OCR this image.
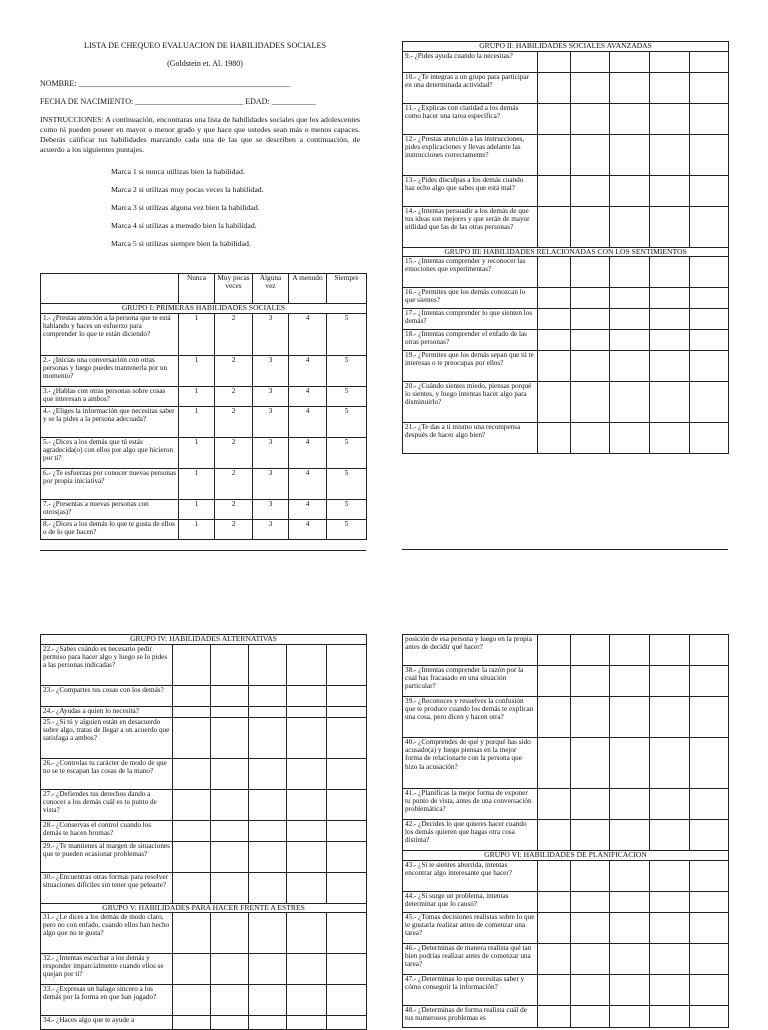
LISTA DE CHEQUEO EVALUACION DE HABILIDADES SOCIALES
(Goldstein et. Al. 1980)
NOMBRE: _____________________________________________________
FECHA DE NACIMIENTO: ___________________________ EDAD: ___________
INSTRUCCIONES: A continuación, encontraras una lista de habilidades sociales que los adolescentes como tú pueden poseer en mayor o menor grado y que hace que ustedes sean más o menos capaces. Deberás calificar tus habilidades marcando cada una de las que se describen a continuación, de acuerdo a los siguientes puntajes.
Marca 1 si nunca utilizas bien la habilidad.
Marca 2 si utilizas muy pocas veces la habilidad.
Marca 3 si utilizas alguna vez bien la habilidad.
Marca 4 si utilizas a menudo bien la habilidad.
Marca 5 si utilizas siempre bien la habilidad.
	Nunca	Muy pocas veces	Alguna vez	A menudo	Siempre
GRUPO I: PRIMERAS HABILIDADES SOCIALES					
1.- ¿Prestas atención a la persona que te está hablando y haces un esfuerzo para comprender lo que te están diciendo?	1	2	3	4	5
2.- ¿Inicias una conversación con otras personas y luego puedes mantenerla por un momento?	1	2	3	4	5
3.- ¿Hablas con otras personas sobre cosas que interesan a ambos?	1	2	3	4	5
4.- ¿Eliges la información que necesitas saber y se la pides a la persona adecuada?	1	2	3	4	5
5.- ¿Dices a los demás que tú estás agradecida(o) con ellos por algo que hicieron por ti?	1	2	3	4	5
6.- ¿Te esfuerzas por conocer nuevas personas por propia iniciativa?	1	2	3	4	5
7.- ¿Presentas a nuevas personas con otros(as)?	1	2	3	4	5
8.- ¿Dices a los demás lo que te gusta de ellos o de lo que hacen?	1	2	3	4	5
GRUPO II: HABILIDADES SOCIALES AVANZADAS					
9.- ¿Pides ayuda cuando la necesitas?					
10.- ¿Te integras a un grupo para participar en una determinada actividad?					
11.- ¿Explicas con claridad a los demás como hacer una tarea específica?					
12.- ¿Prestas atención a las instrucciones, pides explicaciones y llevas adelante las instrucciones correctamente?					
13.- ¿Pides disculpas a los demás cuando haz echo algo que sabes que está mal?					
14.- ¿Intentas persuadir a los demás de que tus ideas son mejores y que serán de mayor utilidad que las de las otras personas?					
GRUPO III: HABILIDADES RELACIONADAS CON LOS SENTIMIENTOS					
15.- ¿Intentas comprender y reconocer las emociones que experimentas?					
16.- ¿Permites que los demás conozcan lo que sientes?					
17.- ¿Intentas comprender lo que sienten los demás?					
18.- ¿Intentas comprender el enfado de las otras personas?					
19.- ¿Permites que los demás sepan que tú te interesas o te preocupas por ellos?					
20.- ¿Cuándo sientes miedo, piensas porqué lo sientes, y luego intentas hacer algo para disminuirlo?					
21.- ¿Te das a ti mismo una recompensa después de hacer algo bien?					
GRUPO IV: HABILIDADES ALTERNATIVAS					
22.- ¿Sabes cuándo es necesario pedir permiso para hacer algo y luego se lo pides a las personas indicadas?					
23.- ¿Compartes tus cosas con los demás?					
24.- ¿Ayudas a quien lo necesita?					
25.- ¿Si tú y alguien están en desacuerdo sobre algo, tratas de llegar a un acuerdo que satisfaga a ambos?					
26.- ¿Controlas tu carácter de modo de que no se te escapan las cosas de la mano?					
27.- ¿Defiendes tus derechos dando a conocer a los demás cuál es tu punto de vista?					
28.- ¿Conservas el control cuando los demás te hacen bromas?					
29.- ¿Te mantienes al margen de situaciones que te pueden ocasionar problemas?					
30.- ¿Encuentras otras formas para resolver situaciones difíciles sin tener que pelearte?					
GRUPO V: HABILIDADES PARA HACER FRENTE A ESTRES					
31.- ¿Le dices a los demás de modo claro, pero no con enfado, cuando ellos han hecho algo que no te gusta?					
32.- ¿Intentas escuchar a los demás y responder imparcialmente cuando ellos se quejan por ti?					
33.- ¿Expresas un halago sincero a los demás por la forma en que han jugado?					
34.- ¿Haces algo que te ayude a					
posición de esa persona y luego en la propia antes de decidir qué hacer?					
38.- ¿Intentas comprender la razón por la cual has fracasado en una situación particular?					
39.- ¿Reconoces y resuelves la confusión que te produce cuando los demás te explican una cosa, pero dicen y hacen otra?					
40.- ¿Comprendes de qué y porqué has sido acusado(a) y luego piensas en la mejor forma de relacionarte con la persona que hizo la acusación?					
41.- ¿Planificas la mejor forma de exponer tu punto de vista, antes de una conversación problemática?					
42.- ¿Decides lo que quieres hacer cuando los demás quieren que hagas otra cosa distinta?					
GRUPO VI: HABILIDADES DE PLANIFICACION					
43.- ¿Si te sientes aburrida, intentas encontrar algo interesante que hacer?					
44.- ¿Si surge un problema, intentas determinar que lo causó?					
45.- ¿Tomas decisiones realistas sobre lo que te gustaría realizar antes de comenzar una tarea?					
46.- ¿Determinas de manera realista qué tan bien podrías realizar antes de comenzar una tarea?					
47.- ¿Determinas lo que necesitas saber y cómo conseguir la información?					
48.- ¿Determinas de forma realista cuál de tus numerosos problemas es					
